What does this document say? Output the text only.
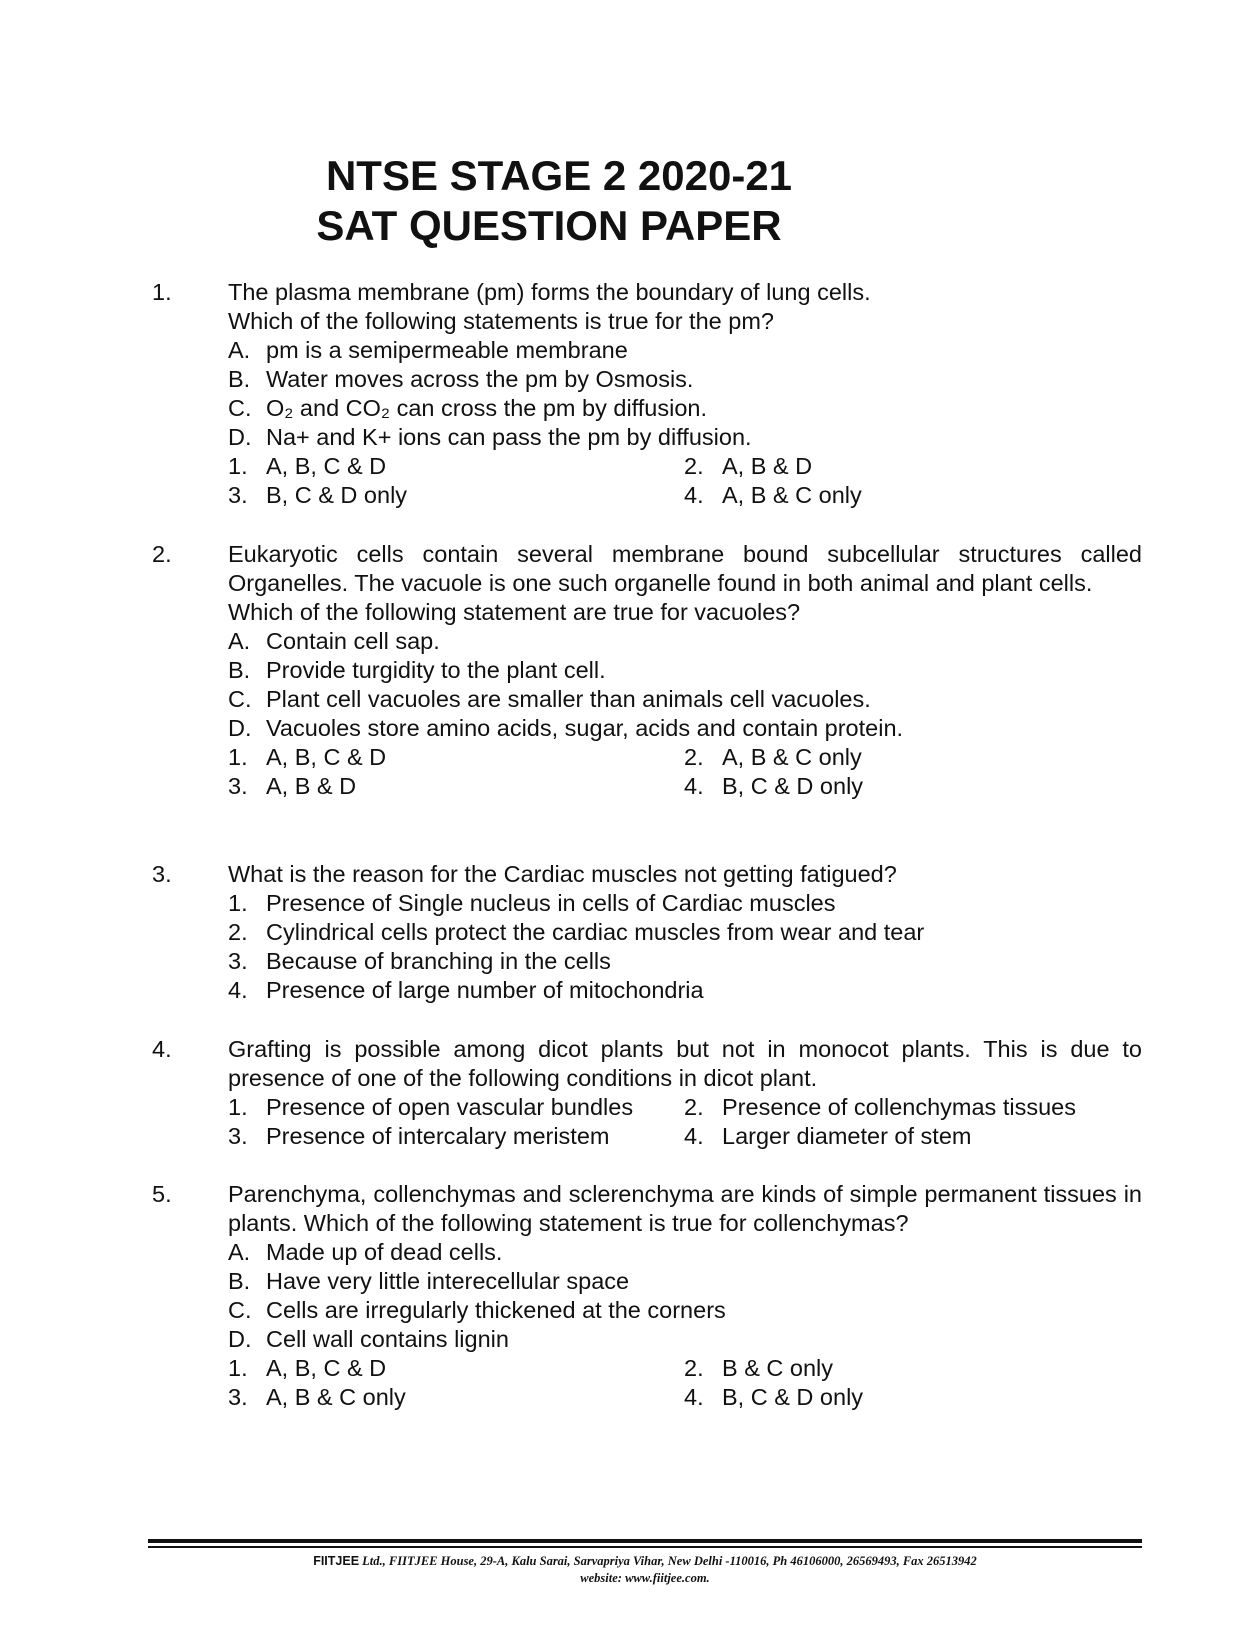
NTSE STAGE 2 2020-21
SAT QUESTION PAPER
1. The plasma membrane (pm) forms the boundary of lung cells.

Which of the following statements is true for the pm?

A. pm is a semipermeable membrane
B. Water moves across the pm by Osmosis.
C. O₂ and CO₂ can cross the pm by diffusion.
D. Na+ and K+ ions can pass the pm by diffusion.
1. A, B, C & D	2. A, B & D
3. B, C & D only	4. A, B & C only
2. Eukaryotic cells contain several membrane bound subcellular structures called Organelles. The vacuole is one such organelle found in both animal and plant cells.

Which of the following statement are true for vacuoles?

A. Contain cell sap.
B. Provide turgidity to the plant cell.
C. Plant cell vacuoles are smaller than animals cell vacuoles.
D. Vacuoles store amino acids, sugar, acids and contain protein.
1. A, B, C & D	2. A, B & C only
3. A, B & D	4. B, C & D only
3. What is the reason for the Cardiac muscles not getting fatigued?

1. Presence of Single nucleus in cells of Cardiac muscles
2. Cylindrical cells protect the cardiac muscles from wear and tear
3. Because of branching in the cells
4. Presence of large number of mitochondria
4. Grafting is possible among dicot plants but not in monocot plants. This is due to presence of one of the following conditions in dicot plant.

1. Presence of open vascular bundles 2. Presence of collenchymas tissues
3. Presence of intercalary meristem	4. Larger diameter of stem
5. Parenchyma, collenchymas and sclerenchyma are kinds of simple permanent tissues in plants. Which of the following statement is true for collenchymas?

A. Made up of dead cells.
B. Have very little interecellular space
C. Cells are irregularly thickened at the corners
D. Cell wall contains lignin
1. A, B, C & D	2. B & C only
3. A, B & C only	4. B, C & D only
FIITJEE Ltd., FIITJEE House, 29-A, Kalu Sarai, Sarvapriya Vihar, New Delhi -110016, Ph 46106000, 26569493, Fax 26513942
website: www.fiitjee.com.
